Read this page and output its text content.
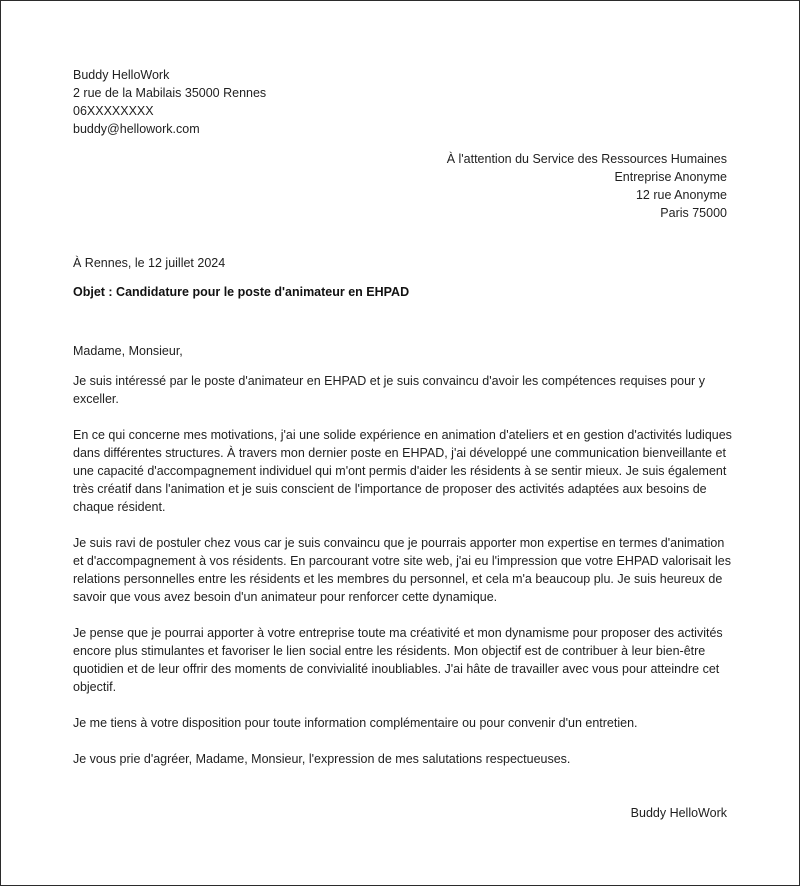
Buddy HelloWork
2 rue de la Mabilais 35000 Rennes
06XXXXXXXX
buddy@hellowork.com
À l'attention du Service des Ressources Humaines
Entreprise Anonyme
12 rue Anonyme
Paris 75000
À Rennes, le 12 juillet 2024
Objet : Candidature pour le poste d'animateur en EHPAD

Madame, Monsieur,

Je suis intéressé par le poste d'animateur en EHPAD et je suis convaincu d'avoir les compétences requises pour y exceller.

En ce qui concerne mes motivations, j'ai une solide expérience en animation d'ateliers et en gestion d'activités ludiques dans différentes structures. À travers mon dernier poste en EHPAD, j'ai développé une communication bienveillante et une capacité d'accompagnement individuel qui m'ont permis d'aider les résidents à se sentir mieux. Je suis également très créatif dans l'animation et je suis conscient de l'importance de proposer des activités adaptées aux besoins de chaque résident.

Je suis ravi de postuler chez vous car je suis convaincu que je pourrais apporter mon expertise en termes d'animation et d'accompagnement à vos résidents. En parcourant votre site web, j'ai eu l'impression que votre EHPAD valorisait les relations personnelles entre les résidents et les membres du personnel, et cela m'a beaucoup plu. Je suis heureux de savoir que vous avez besoin d'un animateur pour renforcer cette dynamique.

Je pense que je pourrai apporter à votre entreprise toute ma créativité et mon dynamisme pour proposer des activités encore plus stimulantes et favoriser le lien social entre les résidents. Mon objectif est de contribuer à leur bien-être quotidien et de leur offrir des moments de convivialité inoubliables. J'ai hâte de travailler avec vous pour atteindre cet objectif.

Je me tiens à votre disposition pour toute information complémentaire ou pour convenir d'un entretien.

Je vous prie d'agréer, Madame, Monsieur, l'expression de mes salutations respectueuses.

Buddy HelloWork
